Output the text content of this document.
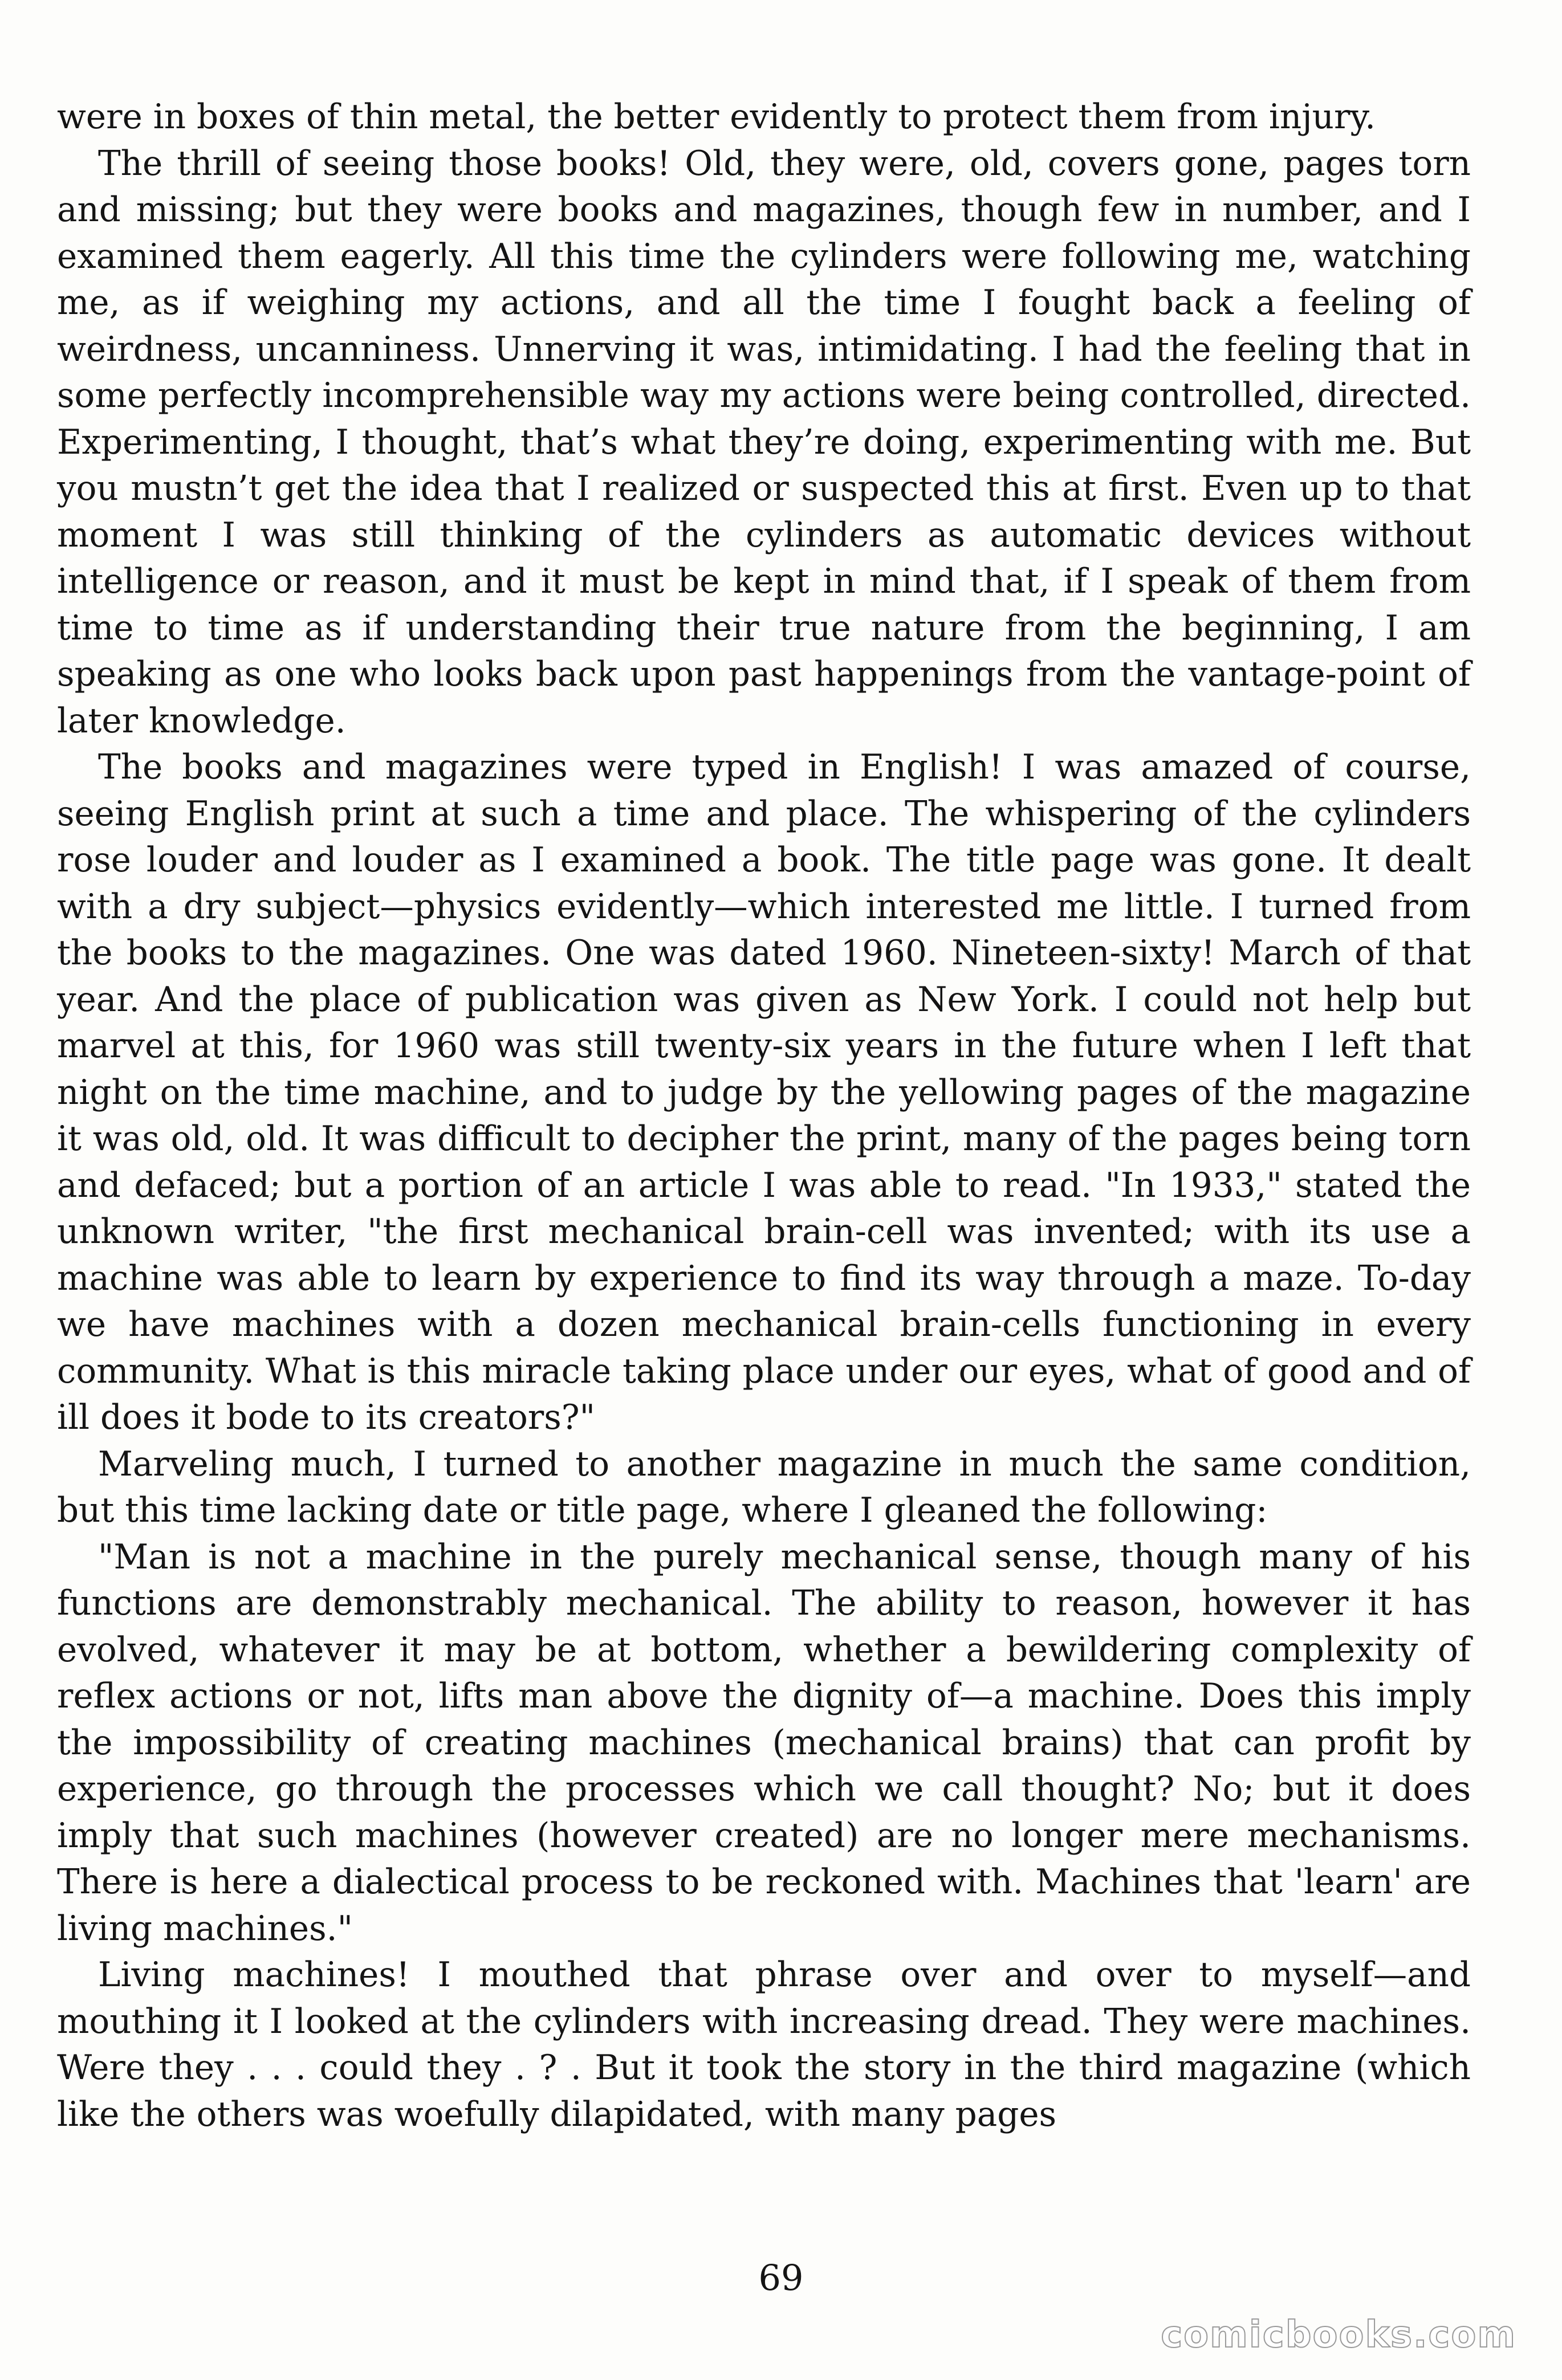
were in boxes of thin metal, the better evidently to protect them from injury.

The thrill of seeing those books! Old, they were, old, covers gone, pages torn and missing; but they were books and magazines, though few in number, and I examined them eagerly. All this time the cylinders were following me, watching me, as if weighing my actions, and all the time I fought back a feeling of weirdness, uncanniness. Unnerving it was, intimidating. I had the feeling that in some perfectly incomprehensible way my actions were being controlled, directed. Experimenting, I thought, that’s what they’re doing, experimenting with me. But you mustn’t get the idea that I realized or suspected this at first. Even up to that moment I was still thinking of the cylinders as automatic devices without intelligence or reason, and it must be kept in mind that, if I speak of them from time to time as if understanding their true nature from the beginning, I am speaking as one who looks back upon past happenings from the vantage-point of later knowledge.

The books and magazines were typed in English! I was amazed of course, seeing English print at such a time and place. The whispering of the cylinders rose louder and louder as I examined a book. The title page was gone. It dealt with a dry subject—physics evidently—which interested me little. I turned from the books to the magazines. One was dated 1960. Nineteen-sixty! March of that year. And the place of publication was given as New York. I could not help but marvel at this, for 1960 was still twenty-six years in the future when I left that night on the time machine, and to judge by the yellowing pages of the magazine it was old, old. It was difficult to decipher the print, many of the pages being torn and defaced; but a portion of an article I was able to read. "In 1933," stated the unknown writer, "the first mechanical brain-cell was invented; with its use a machine was able to learn by experience to find its way through a maze. To-day we have machines with a dozen mechanical brain-cells functioning in every community. What is this miracle taking place under our eyes, what of good and of ill does it bode to its creators?"

Marveling much, I turned to another magazine in much the same condition, but this time lacking date or title page, where I gleaned the following:

"Man is not a machine in the purely mechanical sense, though many of his functions are demonstrably mechanical. The ability to reason, however it has evolved, whatever it may be at bottom, whether a bewildering complexity of reflex actions or not, lifts man above the dignity of—a machine. Does this imply the impossibility of creating machines (mechanical brains) that can profit by experience, go through the processes which we call thought? No; but it does imply that such machines (however created) are no longer mere mechanisms. There is here a dialectical process to be reckoned with. Machines that 'learn' are living machines."

Living machines! I mouthed that phrase over and over to myself—and mouthing it I looked at the cylinders with increasing dread. They were machines. Were they . . . could they . ? . But it took the story in the third magazine (which like the others was woefully dilapidated, with many pages

69
comicbooks.com
